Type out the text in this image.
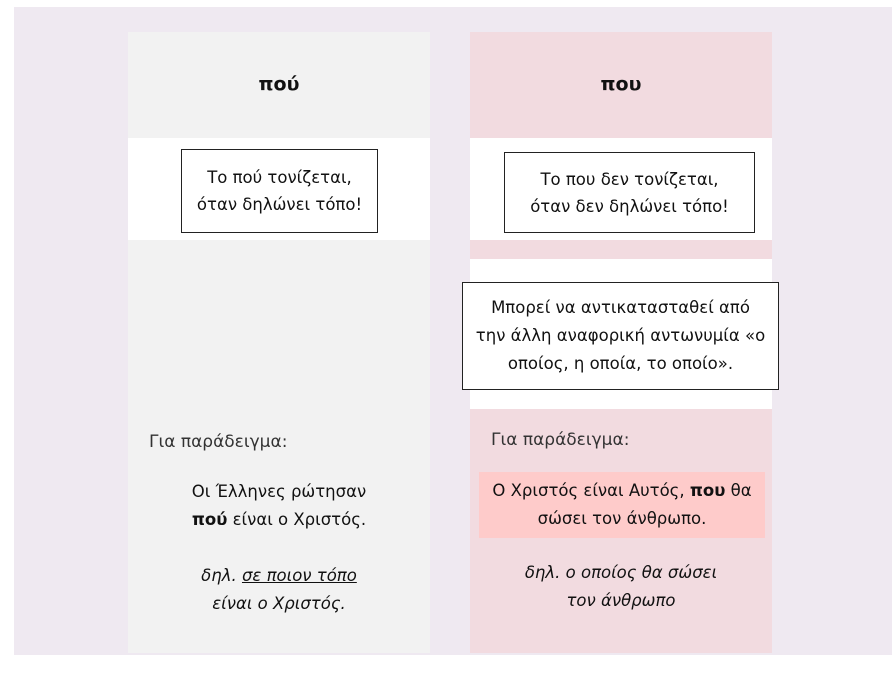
πού
Το πού τονίζεται,
όταν δηλώνει τόπο!
Για παράδειγμα:
Οι Έλληνες ρώτησαν
πού είναι ο Χριστός.
δηλ. σε ποιον τόπο
είναι ο Χριστός.
που
Το που δεν τονίζεται,
όταν δεν δηλώνει τόπο!
Μπορεί να αντικατασταθεί από
την άλλη αναφορική αντωνυμία «ο
οποίος, η οποία, το οποίο».
Για παράδειγμα:
Ο Χριστός είναι Αυτός, που θα
σώσει τον άνθρωπο.
δηλ. ο οποίος θα σώσει
τον άνθρωπο
